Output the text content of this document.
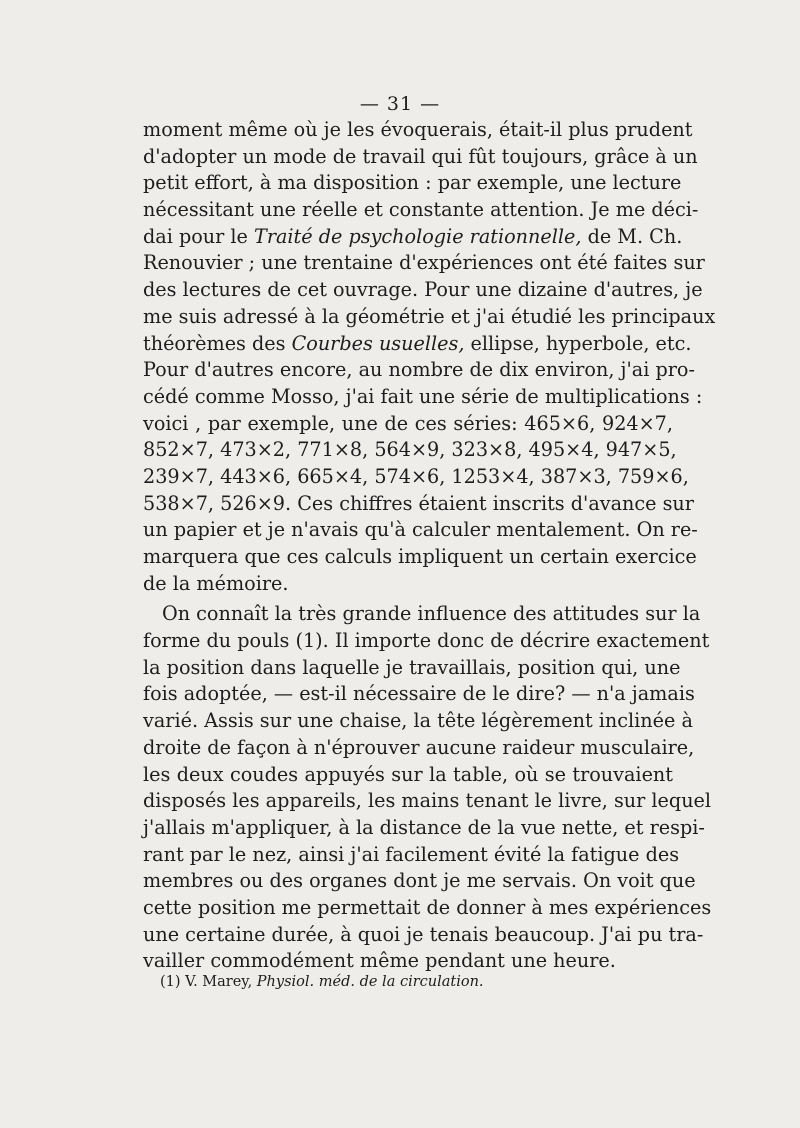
— 31 —
moment même où je les évoquerais, était-il plus prudent
d'adopter un mode de travail qui fût toujours, grâce à un
petit effort, à ma disposition : par exemple, une lecture
nécessitant une réelle et constante attention. Je me déci-
dai pour le Traité de psychologie rationnelle, de M. Ch.
Renouvier ; une trentaine d'expériences ont été faites sur
des lectures de cet ouvrage. Pour une dizaine d'autres, je
me suis adressé à la géométrie et j'ai étudié les principaux
théorèmes des Courbes usuelles, ellipse, hyperbole, etc.
Pour d'autres encore, au nombre de dix environ, j'ai pro-
cédé comme Mosso, j'ai fait une série de multiplications :
voici , par exemple, une de ces séries: 465×6, 924×7,
852×7, 473×2, 771×8, 564×9, 323×8, 495×4, 947×5,
239×7, 443×6, 665×4, 574×6, 1253×4, 387×3, 759×6,
538×7, 526×9. Ces chiffres étaient inscrits d'avance sur
un papier et je n'avais qu'à calculer mentalement. On re-
marquera que ces calculs impliquent un certain exercice
de la mémoire.
On connaît la très grande influence des attitudes sur la
forme du pouls (1). Il importe donc de décrire exactement
la position dans laquelle je travaillais, position qui, une
fois adoptée, — est-il nécessaire de le dire? — n'a jamais
varié. Assis sur une chaise, la tête légèrement inclinée à
droite de façon à n'éprouver aucune raideur musculaire,
les deux coudes appuyés sur la table, où se trouvaient
disposés les appareils, les mains tenant le livre, sur lequel
j'allais m'appliquer, à la distance de la vue nette, et respi-
rant par le nez, ainsi j'ai facilement évité la fatigue des
membres ou des organes dont je me servais. On voit que
cette position me permettait de donner à mes expériences
une certaine durée, à quoi je tenais beaucoup. J'ai pu tra-
vailler commodément même pendant une heure.
(1) V. Marey, Physiol. méd. de la circulation.
